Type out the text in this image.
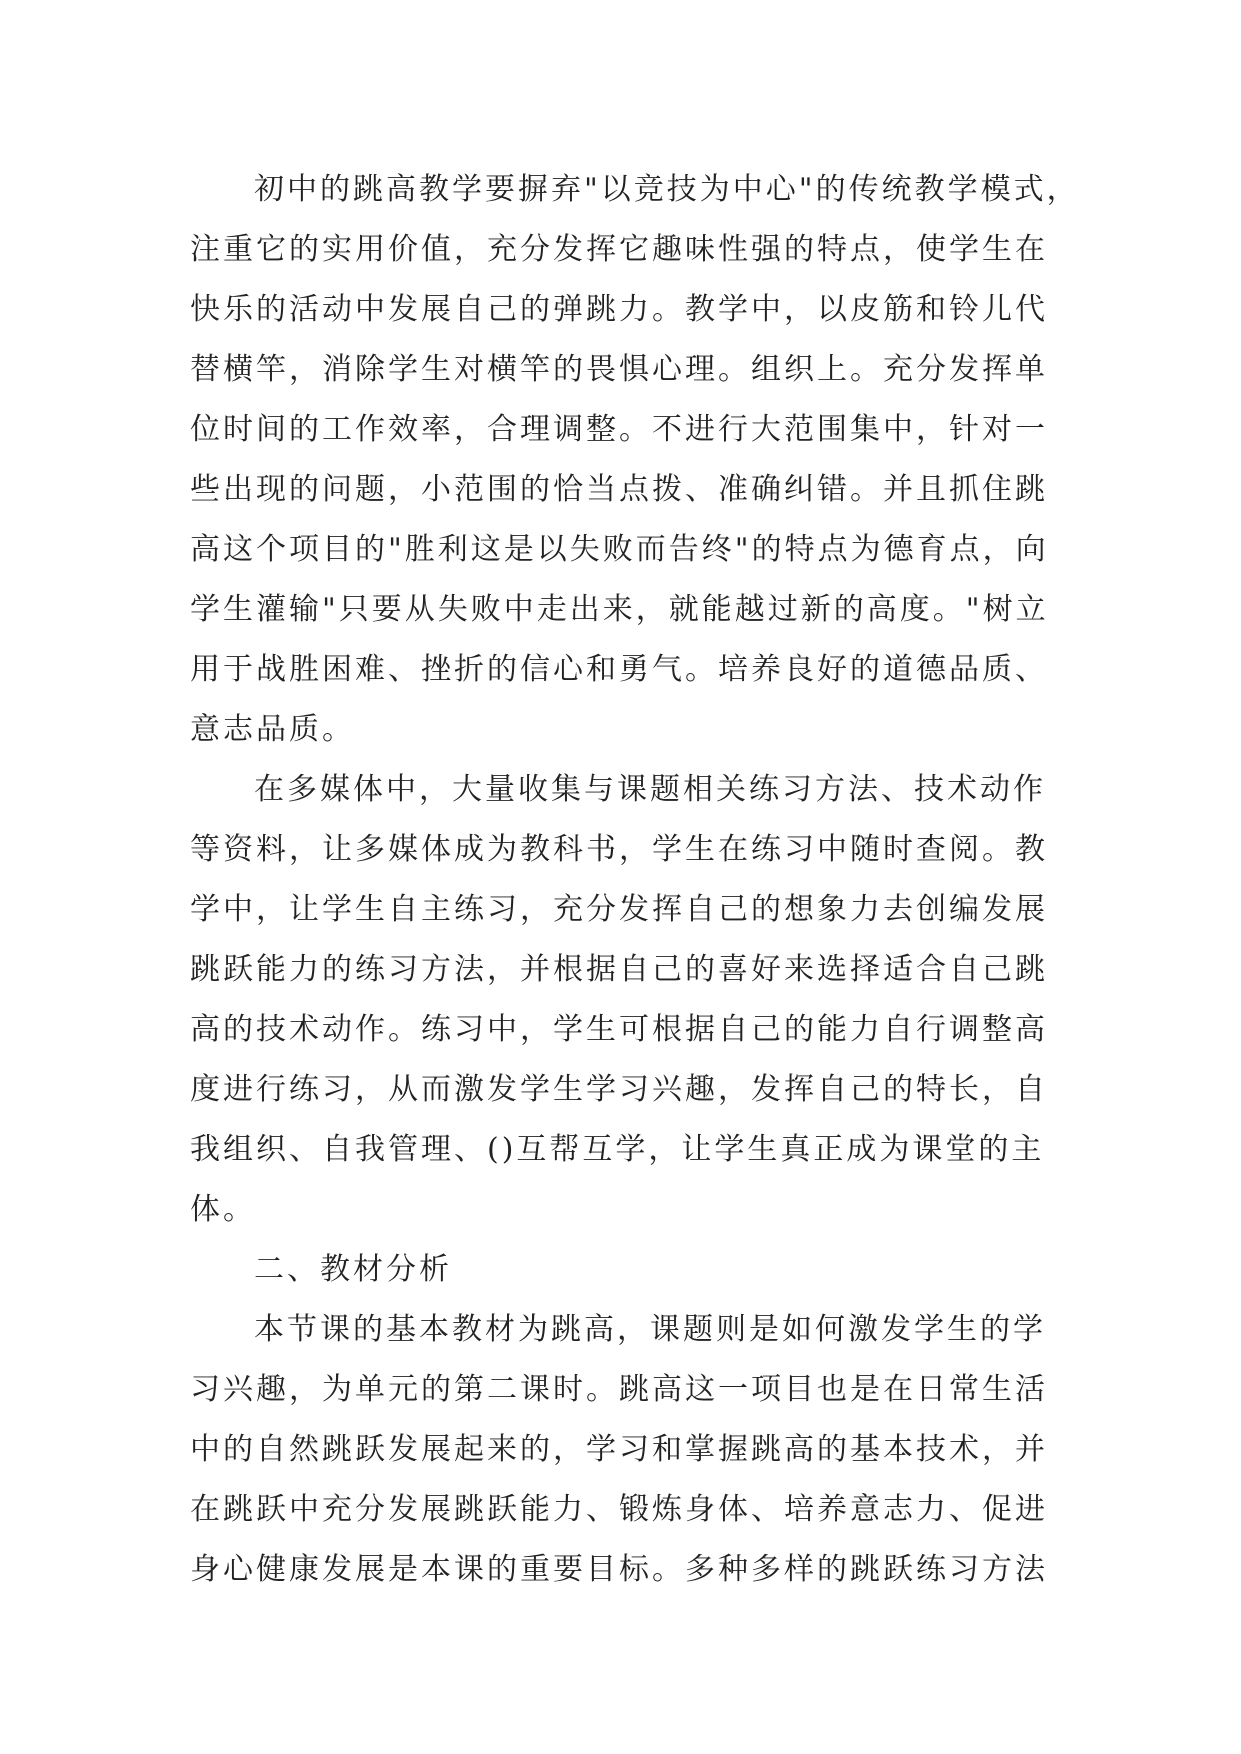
初中的跳高教学要摒弃"以竞技为中心"的传统教学模式，
注重它的实用价值，充分发挥它趣味性强的特点，使学生在
快乐的活动中发展自己的弹跳力。教学中，以皮筋和铃儿代
替横竿，消除学生对横竿的畏惧心理。组织上。充分发挥单
位时间的工作效率，合理调整。不进行大范围集中，针对一
些出现的问题，小范围的恰当点拨、准确纠错。并且抓住跳
高这个项目的"胜利这是以失败而告终"的特点为德育点，向
学生灌输"只要从失败中走出来，就能越过新的高度。"树立
用于战胜困难、挫折的信心和勇气。培养良好的道德品质、
意志品质。
在多媒体中，大量收集与课题相关练习方法、技术动作
等资料，让多媒体成为教科书，学生在练习中随时查阅。教
学中，让学生自主练习，充分发挥自己的想象力去创编发展
跳跃能力的练习方法，并根据自己的喜好来选择适合自己跳
高的技术动作。练习中，学生可根据自己的能力自行调整高
度进行练习，从而激发学生学习兴趣，发挥自己的特长，自
我组织、自我管理、()互帮互学，让学生真正成为课堂的主
体。
二、教材分析
本节课的基本教材为跳高，课题则是如何激发学生的学
习兴趣，为单元的第二课时。跳高这一项目也是在日常生活
中的自然跳跃发展起来的，学习和掌握跳高的基本技术，并
在跳跃中充分发展跳跃能力、锻炼身体、培养意志力、促进
身心健康发展是本课的重要目标。多种多样的跳跃练习方法
